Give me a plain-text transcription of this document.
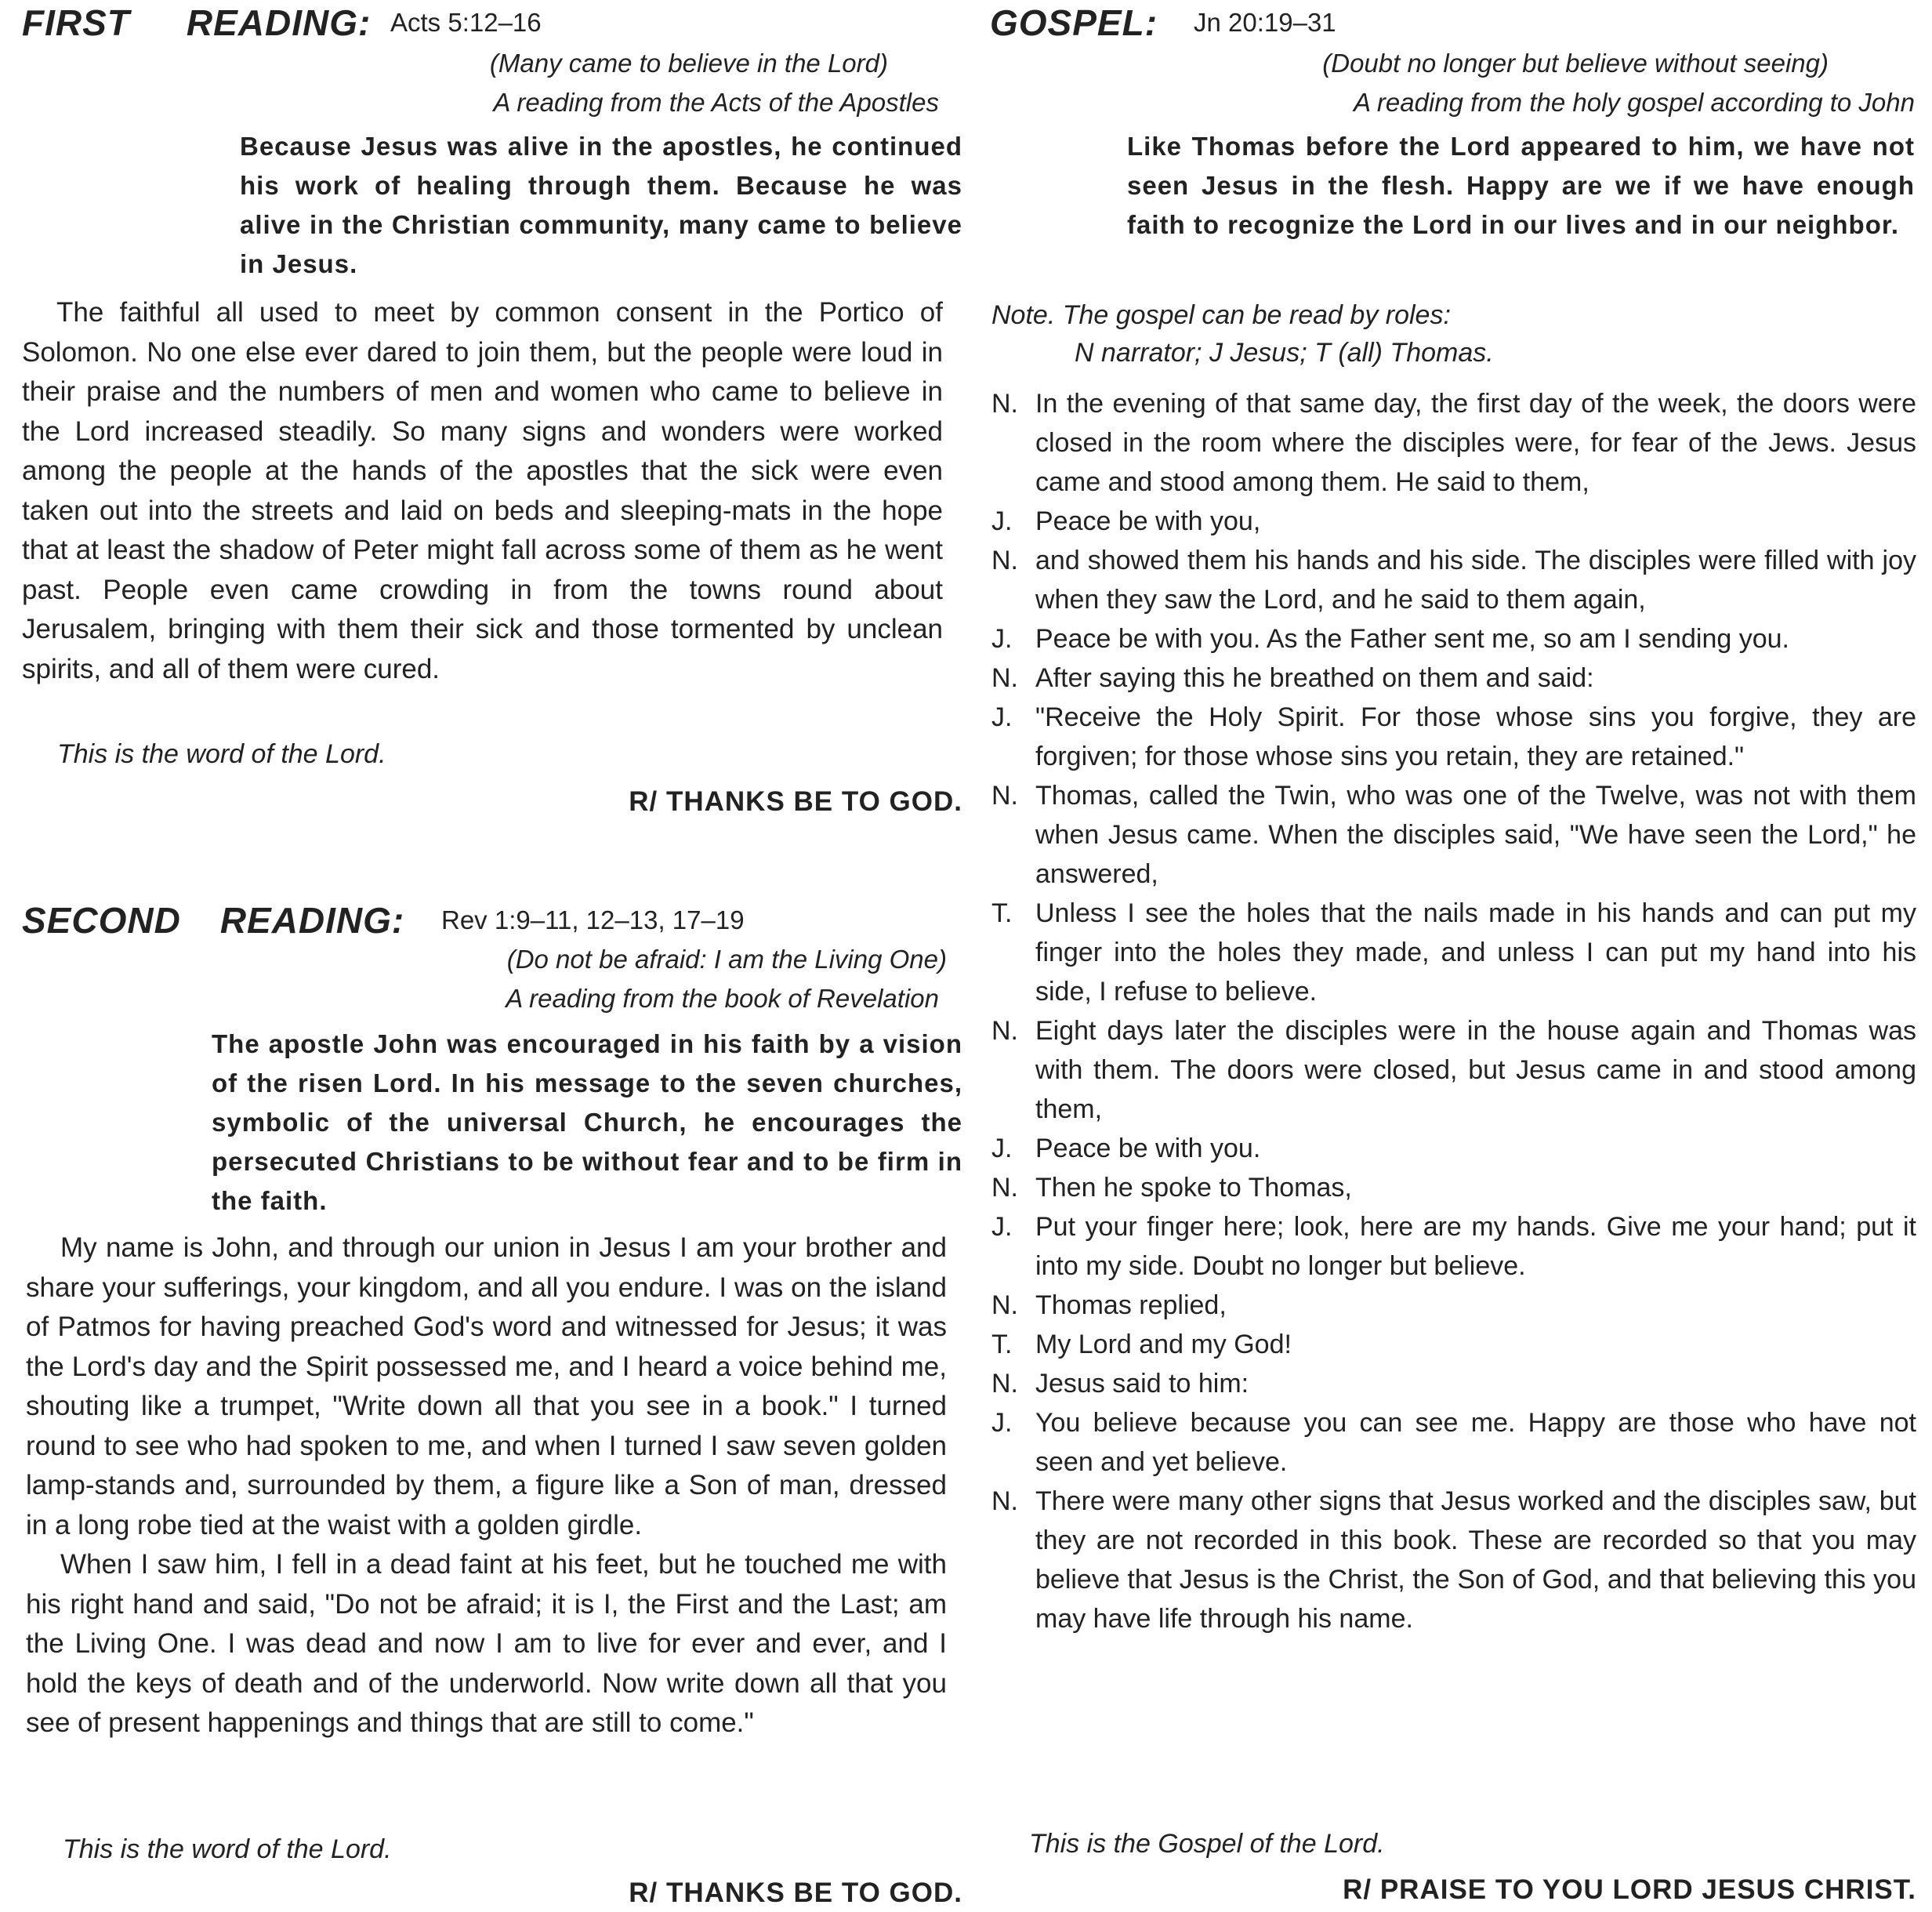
FIRST READING: Acts 5:12–16
(Many came to believe in the Lord)
A reading from the Acts of the Apostles
Because Jesus was alive in the apostles, he continued his work of healing through them. Because he was alive in the Christian community, many came to believe in Jesus.

The faithful all used to meet by common consent in the Portico of Solomon. No one else ever dared to join them, but the people were loud in their praise and the numbers of men and women who came to believe in the Lord increased steadily. So many signs and wonders were worked among the people at the hands of the apostles that the sick were even taken out into the streets and laid on beds and sleeping-mats in the hope that at least the shadow of Peter might fall across some of them as he went past. People even came crowding in from the towns round about Jerusalem, bringing with them their sick and those tormented by unclean spirits, and all of them were cured.

This is the word of the Lord.
R/ THANKS BE TO GOD.
SECOND READING: Rev 1:9–11, 12–13, 17–19
(Do not be afraid: I am the Living One)
A reading from the book of Revelation
The apostle John was encouraged in his faith by a vision of the risen Lord. In his message to the seven churches, symbolic of the universal Church, he encourages the persecuted Christians to be without fear and to be firm in the faith.

My name is John, and through our union in Jesus I am your brother and share your sufferings, your kingdom, and all you endure. I was on the island of Patmos for having preached God's word and witnessed for Jesus; it was the Lord's day and the Spirit possessed me, and I heard a voice behind me, shouting like a trumpet, "Write down all that you see in a book." I turned round to see who had spoken to me, and when I turned I saw seven golden lamp-stands and, surrounded by them, a figure like a Son of man, dressed in a long robe tied at the waist with a golden girdle.

When I saw him, I fell in a dead faint at his feet, but he touched me with his right hand and said, "Do not be afraid; it is I, the First and the Last; am the Living One. I was dead and now I am to live for ever and ever, and I hold the keys of death and of the underworld. Now write down all that you see of present happenings and things that are still to come."

This is the word of the Lord.
R/ THANKS BE TO GOD.
GOSPEL: Jn 20:19–31
(Doubt no longer but believe without seeing)
A reading from the holy gospel according to John
Like Thomas before the Lord appeared to him, we have not seen Jesus in the flesh. Happy are we if we have enough faith to recognize the Lord in our lives and in our neighbor.
Note. The gospel can be read by roles:
N narrator; J Jesus; T (all) Thomas.
N. In the evening of that same day, the first day of the week, the doors were closed in the room where the disciples were, for fear of the Jews. Jesus came and stood among them. He said to them,
J. Peace be with you,
N. and showed them his hands and his side. The disciples were filled with joy when they saw the Lord, and he said to them again,
J. Peace be with you. As the Father sent me, so am I sending you.
N. After saying this he breathed on them and said:
J. "Receive the Holy Spirit. For those whose sins you forgive, they are forgiven; for those whose sins you retain, they are retained."
N. Thomas, called the Twin, who was one of the Twelve, was not with them when Jesus came. When the disciples said, "We have seen the Lord," he answered,
T. Unless I see the holes that the nails made in his hands and can put my finger into the holes they made, and unless I can put my hand into his side, I refuse to believe.
N. Eight days later the disciples were in the house again and Thomas was with them. The doors were closed, but Jesus came in and stood among them,
J. Peace be with you.
N. Then he spoke to Thomas,
J. Put your finger here; look, here are my hands. Give me your hand; put it into my side. Doubt no longer but believe.
N. Thomas replied,
T. My Lord and my God!
N. Jesus said to him:
J. You believe because you can see me. Happy are those who have not seen and yet believe.
N. There were many other signs that Jesus worked and the disciples saw, but they are not recorded in this book. These are recorded so that you may believe that Jesus is the Christ, the Son of God, and that believing this you may have life through his name.
This is the Gospel of the Lord.
R/ PRAISE TO YOU LORD JESUS CHRIST.
